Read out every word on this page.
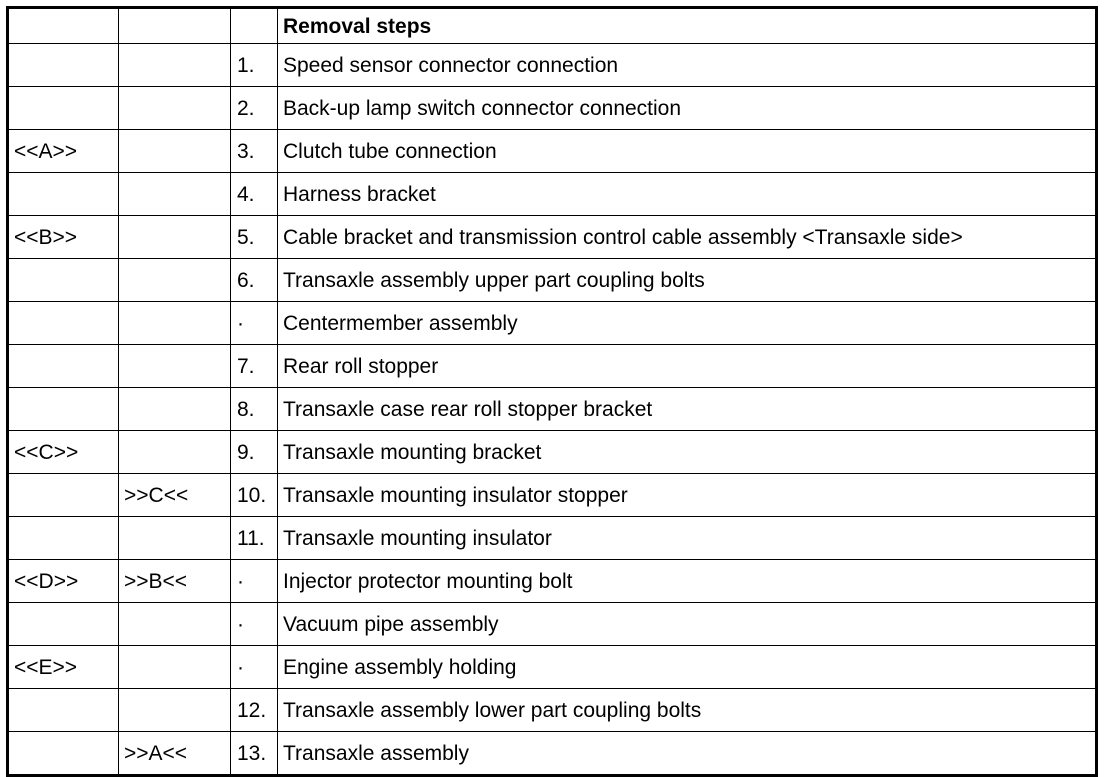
			Removal steps
		1.	Speed sensor connector connection
		2.	Back-up lamp switch connector connection
<<A>>		3.	Clutch tube connection
		4.	Harness bracket
<<B>>		5.	Cable bracket and transmission control cable assembly <Transaxle side>
		6.	Transaxle assembly upper part coupling bolts
		·	Centermember assembly
		7.	Rear roll stopper
		8.	Transaxle case rear roll stopper bracket
<<C>>		9.	Transaxle mounting bracket
	>>C<<	10.	Transaxle mounting insulator stopper
		11.	Transaxle mounting insulator
<<D>>	>>B<<	·	Injector protector mounting bolt
		·	Vacuum pipe assembly
<<E>>		·	Engine assembly holding
		12.	Transaxle assembly lower part coupling bolts
	>>A<<	13.	Transaxle assembly
